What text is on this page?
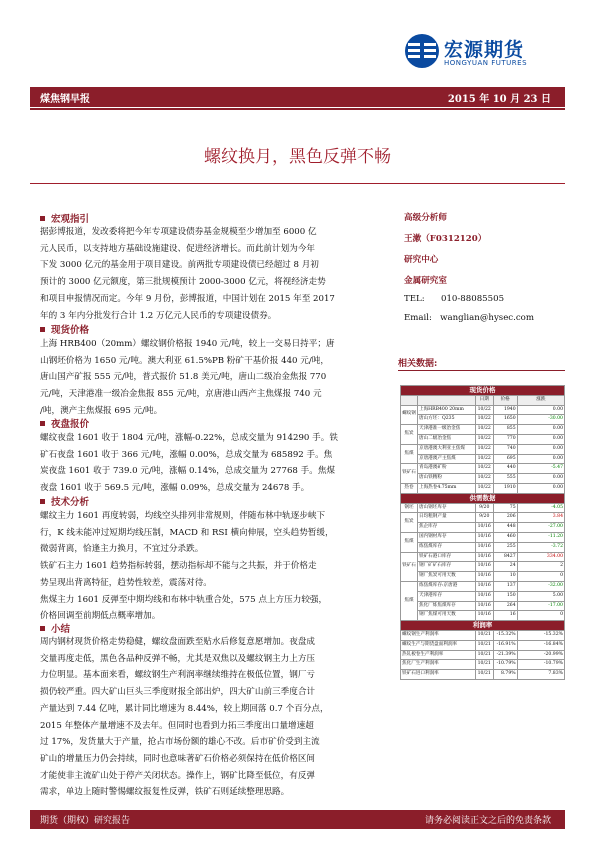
宏源期货
HONGYUAN FUTURES
煤焦钢早报	2015 年 10 月 23 日
螺纹换月，黑色反弹不畅
宏观指引
据彭博报道，发改委将把今年专项建设债券基金规模至少增加至 6000 亿
元人民币，以支持地方基础设施建设、促进经济增长。而此前计划为今年
下发 3000 亿元的基金用于项目建设。前两批专项建设债已经超过 8 月初
预计的 3000 亿元额度，第三批规模预计 2000-3000 亿元，将视经济走势
和项目申报情况而定。今年 9 月份，彭博报道，中国计划在 2015 年至 2017
年的 3 年内分批发行合计 1.2 万亿元人民币的专项建设债券。
现货价格
上海 HRB400（20mm）螺纹钢价格报 1940 元/吨，较上一交易日持平；唐
山钢坯价格为 1650 元/吨。澳大利亚 61.5%PB 粉矿干基价报 440 元/吨，
唐山国产矿报 555 元/吨，普式报价 51.8 美元/吨，唐山二级冶金焦报 770
元/吨，天津港准一级冶金焦报 855 元/吨，京唐港山西产主焦煤报 740 元
/吨，澳产主焦煤报 695 元/吨。
夜盘报价
螺纹夜盘 1601 收于 1804 元/吨，涨幅-0.22%，总成交量为 914290 手。铁
矿石夜盘 1601 收于 366 元/吨，涨幅 0.00%，总成交量为 685892 手。焦
炭夜盘 1601 收于 739.0 元/吨，涨幅 0.14%，总成交量为 27768 手。焦煤
夜盘 1601 收于 569.5 元/吨，涨幅 0.09%，总成交量为 24678 手。
技术分析
螺纹主力 1601 再度转弱，均线空头排列非常规则，伴随布林中轨逐步峡下
行，K 线未能冲过短期均线压制，MACD 和 RSI 横向伸展，空头趋势暂缓，
微弱背离，恰逢主力换月，不宜过分杀跌。
铁矿石主力 1601 趋势指标转弱，摆动指标却不能与之共振，并于价格走
势呈现出背离特征，趋势性较差，震荡对待。
焦煤主力 1601 反弹至中期均线和布林中轨重合处，575 点上方压力较强，
价格回调至前期低点概率增加。
小结
周内钢材现货价格走势稳健，螺纹盘面跌至贴水后修复意愿增加。夜盘成
交量再度走低，黑色各品种反弹不畅，尤其是双焦以及螺纹钢主力上方压
力位明显。基本面来看，螺纹钢生产利润率继续维持在极低位置，钢厂亏
损仍较严重。四大矿山巨头三季度财报全部出炉，四大矿山前三季度合计
产量达到 7.44 亿吨，累计同比增速为 8.44%，较上期回落 0.7 个百分点，
2015 年整体产量增速不及去年。但同时也看到力拓三季度出口量增速超
过 17%，发货量大于产量，抢占市场份额的雄心不改。后市矿价受到主流
矿山的增量压力仍会持续，同时也意味著矿石价格必须保持在低价格区间
才能使非主流矿山处于停产关闭状态。操作上，钢矿比降至低位，有反弹
需求，单边上随时警惕螺纹报复性反弹，铁矿石则延续整理思路。
高级分析师
王漱（F0312120）
研究中心
金属研究室
TEL: 010-88085505
Email: wanglian@hysec.com
相关数据:
现货价格				
		日期	价格	涨跌
螺纹钢	上海HRB400 20mm	10/22	1940	0.00
	唐山方坯：Q235	10/22	1650	-30.00
焦炭	天津港准一级冶金焦	10/22	855	0.00
	唐山二级冶金焦	10/22	770	0.00
焦煤	京唐港澳大利亚主焦煤	10/22	740	0.00
	京唐港澳产主焦煤	10/22	695	0.00
铁矿石	青岛港澳矿粉	10/22	440	-5.47
	唐山铁精粉	10/22	555	0.00
热卷	上海热卷4.75mm	10/22	1910	0.00
供需数据				
钢坯	唐山钢坯库存	9/20	75	-4.05
焦炭	日均粗钢产量	9/20	206	3.84
	焦企库存	10/16	448	-27.00
焦煤	国内钢材库存	10/16	460	-11.20
	炼焦煤库存	10/16	255	-3.72
铁矿石	铁矿石港口库存	10/16	8427	334.00
	钢厂矿矿石库存	10/16	24	2
	钢厂焦炭可用天数	10/16	10	0
焦煤	炼焦煤库存:京唐港	10/16	137	-32.00
	天津港库存	10/16	150	5.00
	焦化厂炼焦煤库存	10/16	264	-17.00
	钢厂焦煤可用天数	10/16	16	0
利润率				
螺纹钢生产利润率		10/21	-15.32%	-15.32%
螺纹生产与期货盘面利润率		10/21	-16.91%	-16.84%
热轧板卷生产利润率		10/21	-21.39%	-20.99%
焦化厂生产利润率		10/21	-10.79%	-10.79%
铁矿石进口利润率		10/21	8.79%	7.83%
期货（期权）研究报告	请务必阅读正文之后的免责条款
